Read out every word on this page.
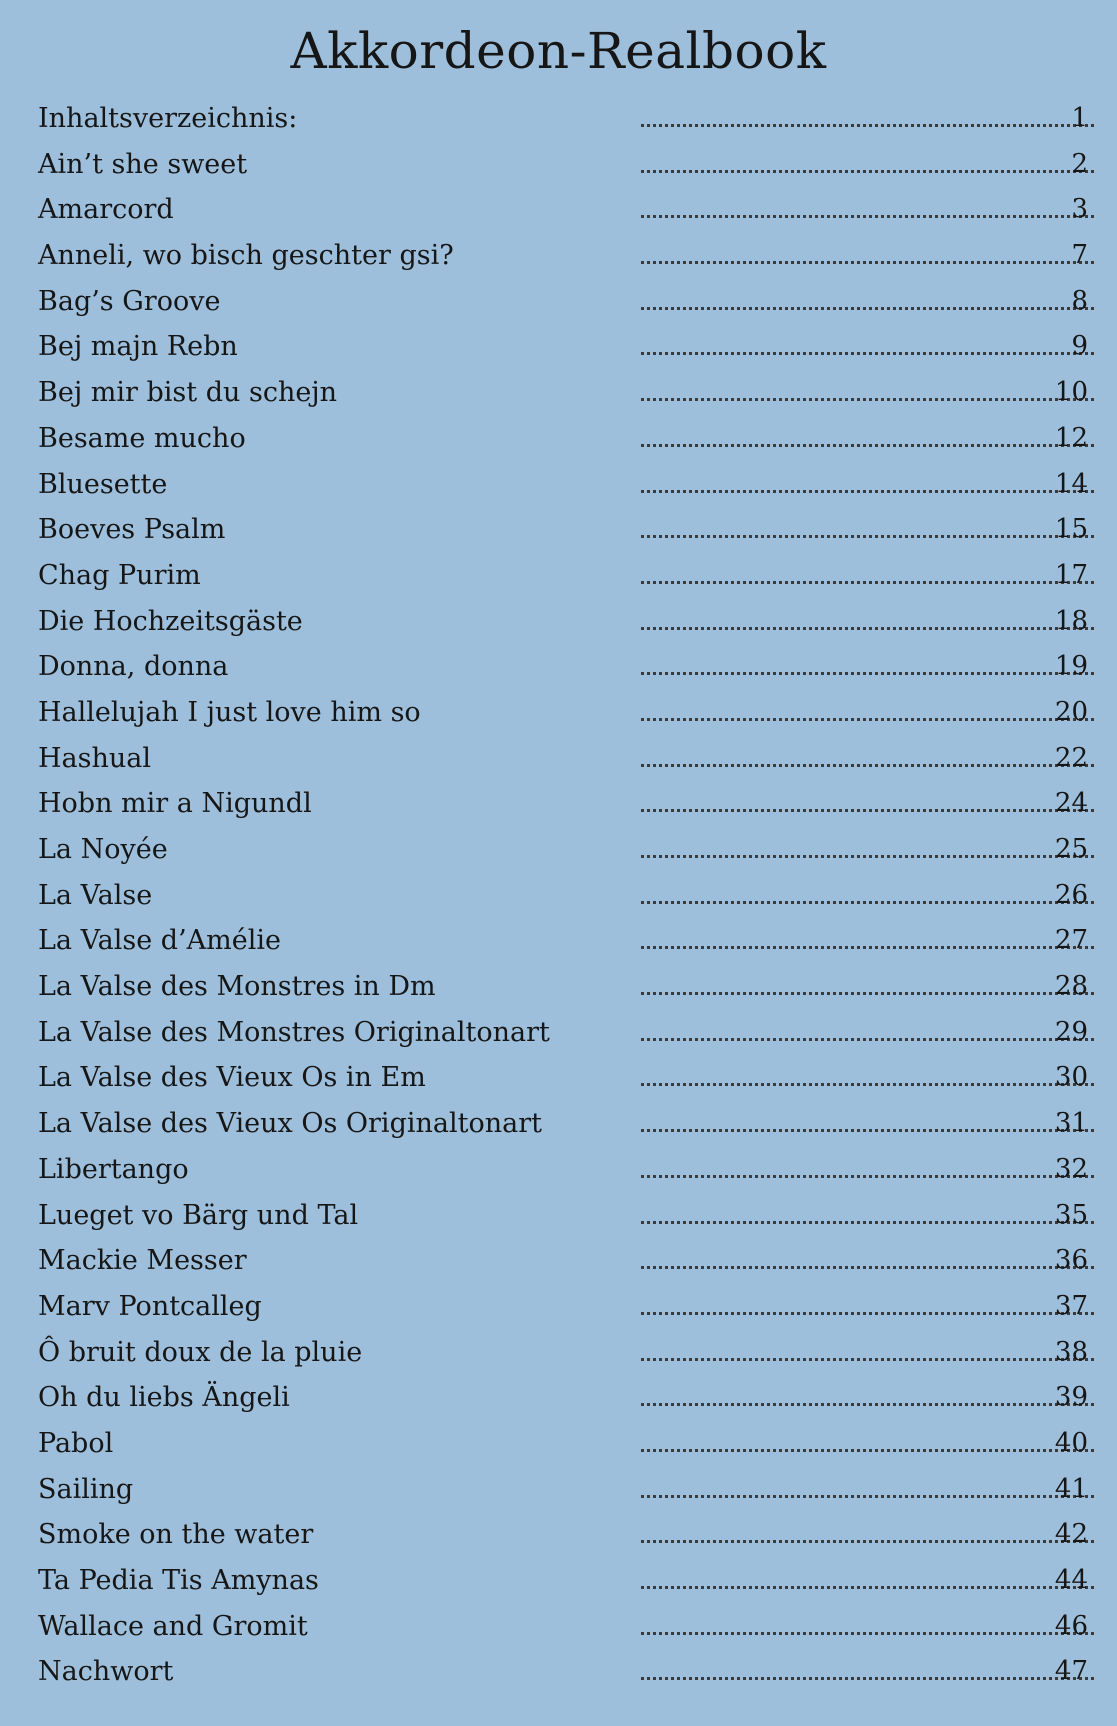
Akkordeon-Realbook
Inhaltsverzeichnis:	1
Ain’t she sweet	2
Amarcord	3
Anneli, wo bisch geschter gsi?	7
Bag’s Groove	8
Bej majn Rebn	9
Bej mir bist du schejn	10
Besame mucho	12
Bluesette	14
Boeves Psalm	15
Chag Purim	17
Die Hochzeitsgäste	18
Donna, donna	19
Hallelujah I just love him so	20
Hashual	22
Hobn mir a Nigundl	24
La Noyée	25
La Valse	26
La Valse d’Amélie	27
La Valse des Monstres in Dm	28
La Valse des Monstres Originaltonart	29
La Valse des Vieux Os in Em	30
La Valse des Vieux Os Originaltonart	31
Libertango	32
Lueget vo Bärg und Tal	35
Mackie Messer	36
Marv Pontcalleg	37
Ô bruit doux de la pluie	38
Oh du liebs Ängeli	39
Pabol	40
Sailing	41
Smoke on the water	42
Ta Pedia Tis Amynas	44
Wallace and Gromit	46
Nachwort	47
